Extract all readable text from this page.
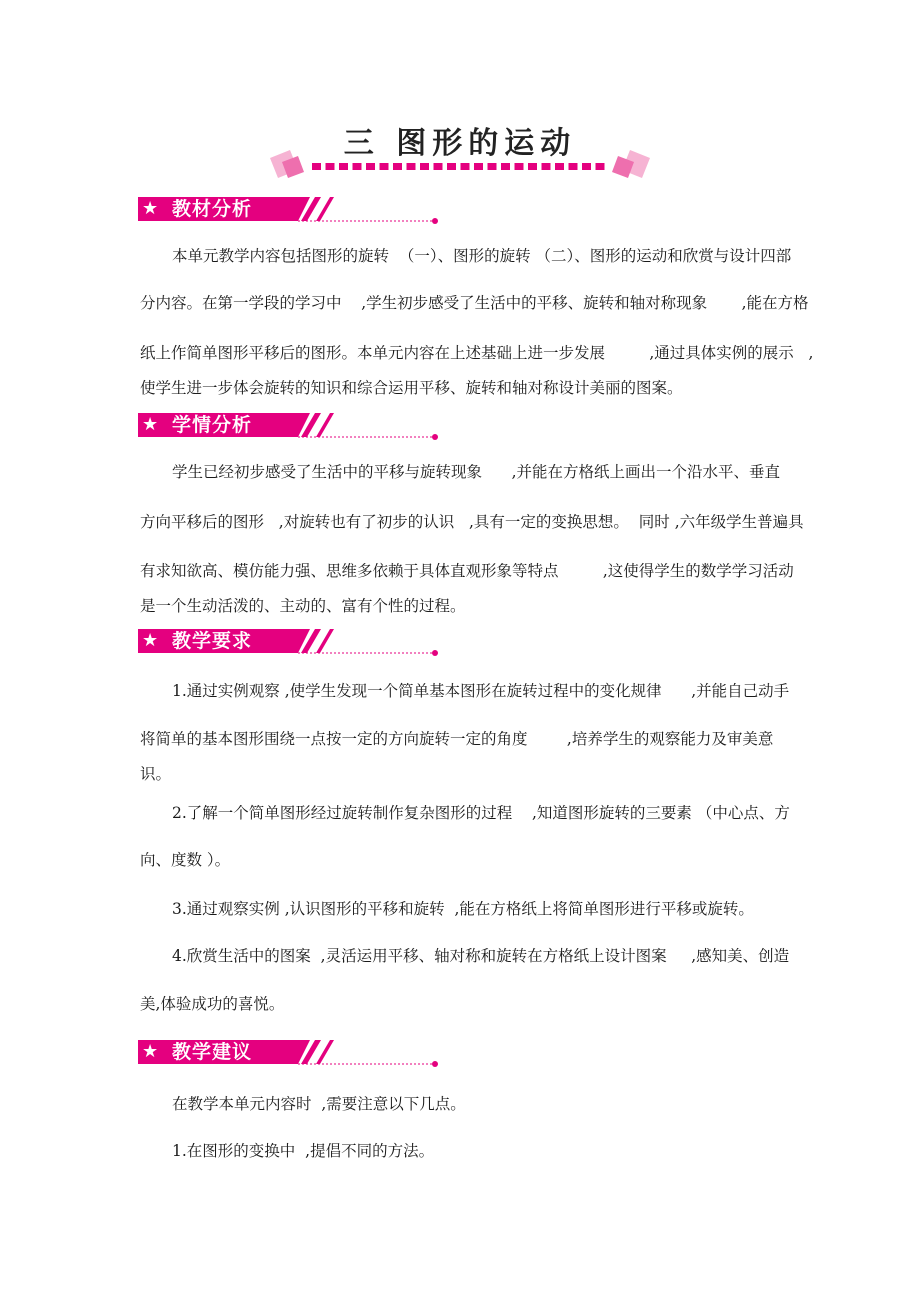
三 图形的运动
★ 教材分析

本单元教学内容包括图形的旋转  （一）、图形的旋转 （二）、图形的运动和欣赏与设计四部

分内容。在第一学段的学习中    ,学生初步感受了生活中的平移、旋转和轴对称现象       ,能在方格

纸上作简单图形平移后的图形。本单元内容在上述基础上进一步发展         ,通过具体实例的展示   ,

使学生进一步体会旋转的知识和综合运用平移、旋转和轴对称设计美丽的图案。

★ 学情分析

学生已经初步感受了生活中的平移与旋转现象      ,并能在方格纸上画出一个沿水平、垂直

方向平移后的图形   ,对旋转也有了初步的认识   ,具有一定的变换思想。  同时 ,六年级学生普遍具

有求知欲高、模仿能力强、思维多依赖于具体直观形象等特点         ,这使得学生的数学学习活动

是一个生动活泼的、主动的、富有个性的过程。

★ 教学要求

1.通过实例观察 ,使学生发现一个简单基本图形在旋转过程中的变化规律      ,并能自己动手

将简单的基本图形围绕一点按一定的方向旋转一定的角度        ,培养学生的观察能力及审美意

识。

2.了解一个简单图形经过旋转制作复杂图形的过程    ,知道图形旋转的三要素 （中心点、方

向、度数 ）。

3.通过观察实例 ,认识图形的平移和旋转  ,能在方格纸上将简单图形进行平移或旋转。

4.欣赏生活中的图案  ,灵活运用平移、轴对称和旋转在方格纸上设计图案     ,感知美、创造

美,体验成功的喜悦。

★ 教学建议

在教学本单元内容时  ,需要注意以下几点。

1.在图形的变换中  ,提倡不同的方法。
